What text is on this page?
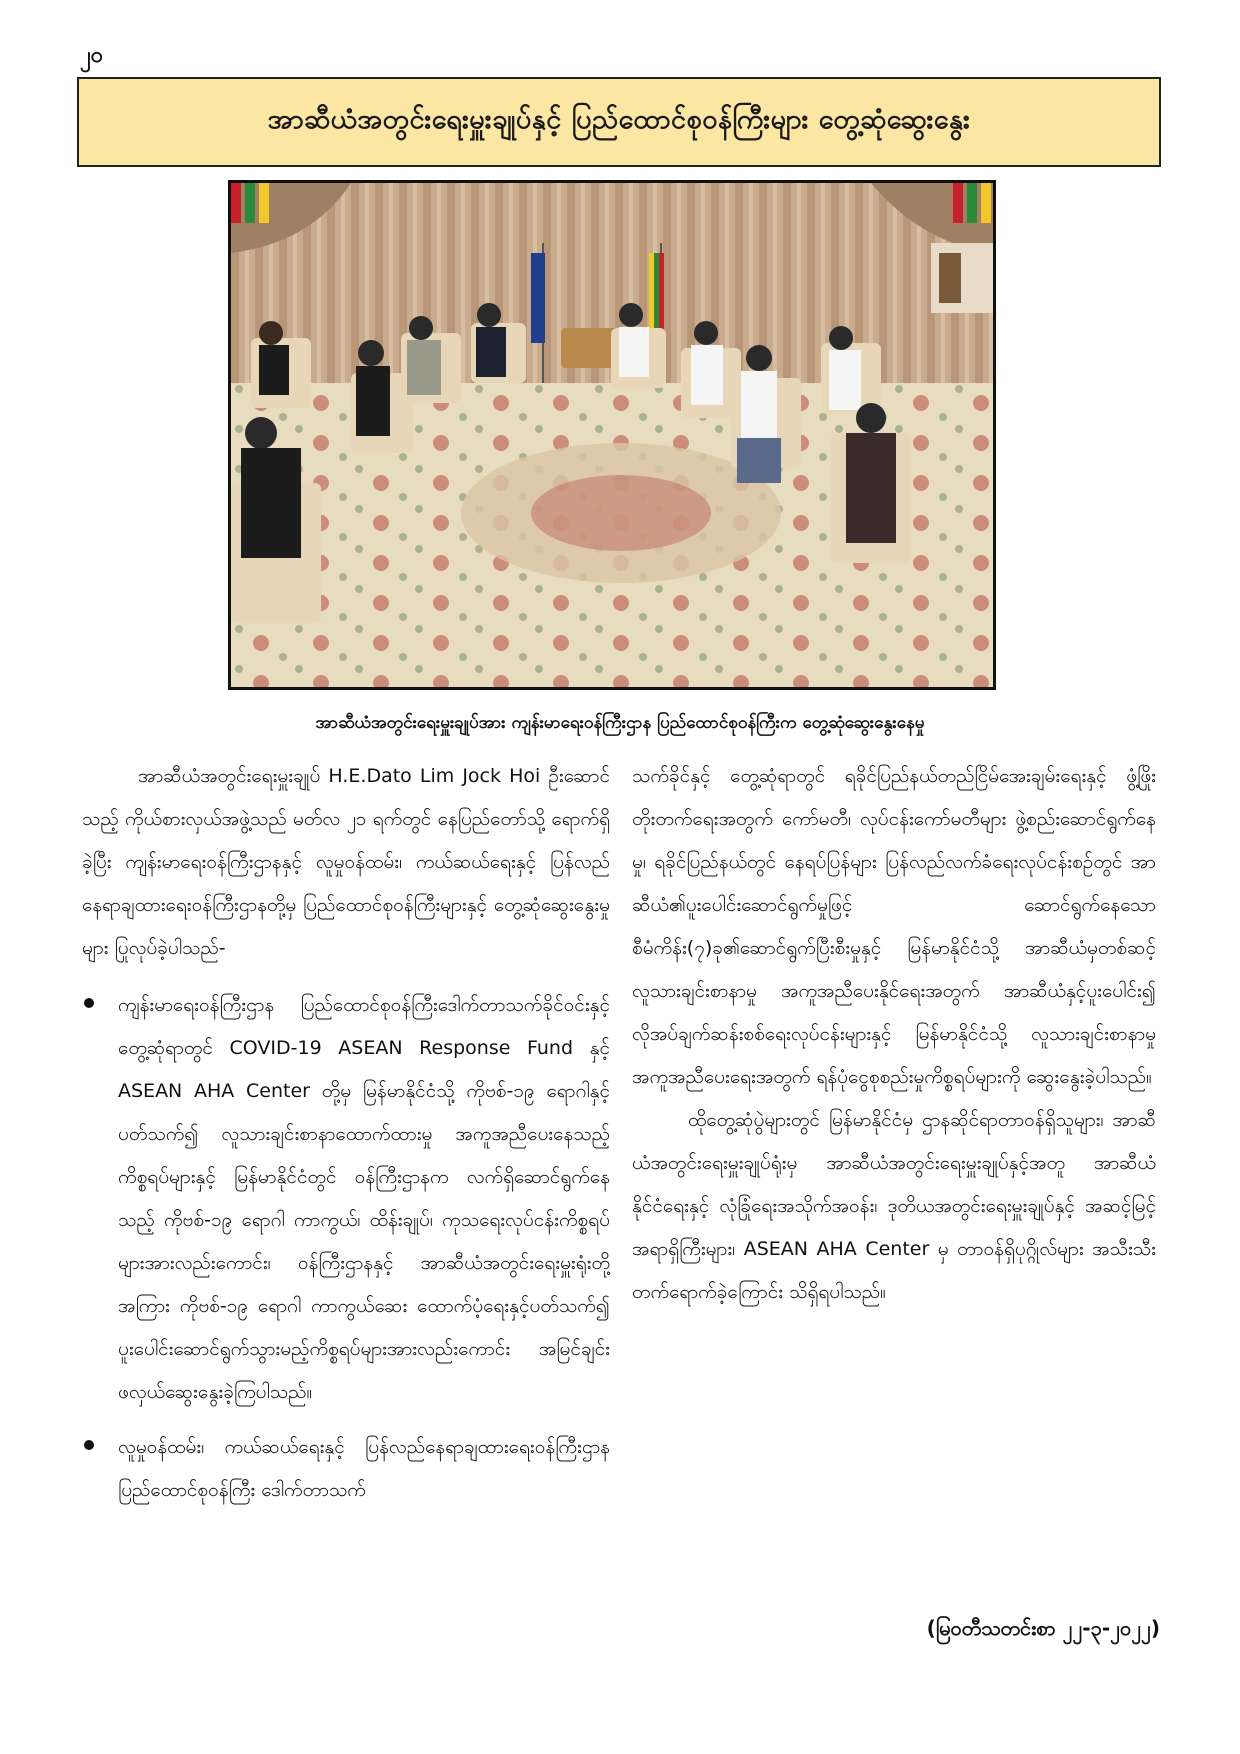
၂၀
အာဆီယံအတွင်းရေးမှူးချုပ်နှင့် ပြည်ထောင်စုဝန်ကြီးများ တွေ့ဆုံဆွေးနွေး
အာဆီယံအတွင်းရေးမှူးချုပ်အား ကျန်းမာရေးဝန်ကြီးဌာန ပြည်ထောင်စုဝန်ကြီးက တွေ့ဆုံဆွေးနွေးနေမှု

အာဆီယံအတွင်းရေးမှူးချုပ် H.E.Dato Lim Jock Hoi ဦးဆောင်သည့် ကိုယ်စားလှယ်အဖွဲ့သည် မတ်လ ၂၁ ရက်တွင် နေပြည်တော်သို့ ရောက်ရှိခဲ့ပြီး ကျန်းမာရေးဝန်ကြီးဌာနနှင့် လူမှုဝန်ထမ်း၊ ကယ်ဆယ်ရေးနှင့် ပြန်လည်နေရာချထားရေးဝန်ကြီးဌာနတို့မှ ပြည်ထောင်စုဝန်ကြီးများနှင့် တွေ့ဆုံဆွေးနွေးမှုများ ပြုလုပ်ခဲ့ပါသည်-

ကျန်းမာရေးဝန်ကြီးဌာန ပြည်ထောင်စုဝန်ကြီးဒေါက်တာသက်ခိုင်ဝင်းနှင့် တွေ့ဆုံရာတွင် COVID-19 ASEAN Response Fund နှင့် ASEAN AHA Center တို့မှ မြန်မာနိုင်ငံသို့ ကိုဗစ်-၁၉ ရောဂါနှင့်ပတ်သက်၍ လူသားချင်းစာနာထောက်ထားမှု အကူအညီပေးနေသည့် ကိစ္စရပ်များနှင့် မြန်မာနိုင်ငံတွင် ဝန်ကြီးဌာနက လက်ရှိဆောင်ရွက်နေသည့် ကိုဗစ်-၁၉ ရောဂါ ကာကွယ်၊ ထိန်းချုပ်၊ ကုသရေးလုပ်ငန်းကိစ္စရပ်များအားလည်းကောင်း၊ ဝန်ကြီးဌာနနှင့် အာဆီယံအတွင်းရေးမှူးရုံးတို့အကြား ကိုဗစ်-၁၉ ရောဂါ ကာကွယ်ဆေး ထောက်ပံ့ရေးနှင့်ပတ်သက်၍ ပူးပေါင်းဆောင်ရွက်သွားမည့်ကိစ္စရပ်များအားလည်းကောင်း အမြင်ချင်းဖလှယ်ဆွေးနွေးခဲ့ကြပါသည်။
လူမှုဝန်ထမ်း၊ ကယ်ဆယ်ရေးနှင့် ပြန်လည်နေရာချထားရေးဝန်ကြီးဌာန ပြည်ထောင်စုဝန်ကြီး ဒေါက်တာသက်

သက်ခိုင်နှင့် တွေ့ဆုံရာတွင် ရခိုင်ပြည်နယ်တည်ငြိမ်အေးချမ်းရေးနှင့် ဖွံ့ဖြိုးတိုးတက်ရေးအတွက် ကော်မတီ၊ လုပ်ငန်းကော်မတီများ ဖွဲ့စည်းဆောင်ရွက်နေမှု၊ ရခိုင်ပြည်နယ်တွင် နေရပ်ပြန်များ ပြန်လည်လက်ခံရေးလုပ်ငန်းစဉ်တွင် အာဆီယံ၏ပူးပေါင်းဆောင်ရွက်မှုဖြင့် ဆောင်ရွက်နေသော စီမံကိန်း(၇)ခု၏ဆောင်ရွက်ပြီးစီးမှုနှင့် မြန်မာနိုင်ငံသို့ အာဆီယံမှတစ်ဆင့် လူသားချင်းစာနာမှု အကူအညီပေးနိုင်ရေးအတွက် အာဆီယံနှင့်ပူးပေါင်း၍ လိုအပ်ချက်ဆန်းစစ်ရေးလုပ်ငန်းများနှင့် မြန်မာနိုင်ငံသို့ လူသားချင်းစာနာမှု အကူအညီပေးရေးအတွက် ရန်ပုံငွေစုစည်းမှုကိစ္စရပ်များကို ဆွေးနွေးခဲ့ပါသည်။

ထိုတွေ့ဆုံပွဲများတွင် မြန်မာနိုင်ငံမှ ဌာနဆိုင်ရာတာဝန်ရှိသူများ၊ အာဆီယံအတွင်းရေးမှူးချုပ်ရုံးမှ အာဆီယံအတွင်းရေးမှူးချုပ်နှင့်အတူ အာဆီယံနိုင်ငံရေးနှင့် လုံခြုံရေးအသိုက်အဝန်း၊ ဒုတိယအတွင်းရေးမှူးချုပ်နှင့် အဆင့်မြင့်အရာရှိကြီးများ၊ ASEAN AHA Center မှ တာဝန်ရှိပုဂ္ဂိုလ်များ အသီးသီး တက်ရောက်ခဲ့ကြောင်း သိရှိရပါသည်။

(မြဝတီသတင်းစာ ၂၂-၃-၂၀၂၂)
